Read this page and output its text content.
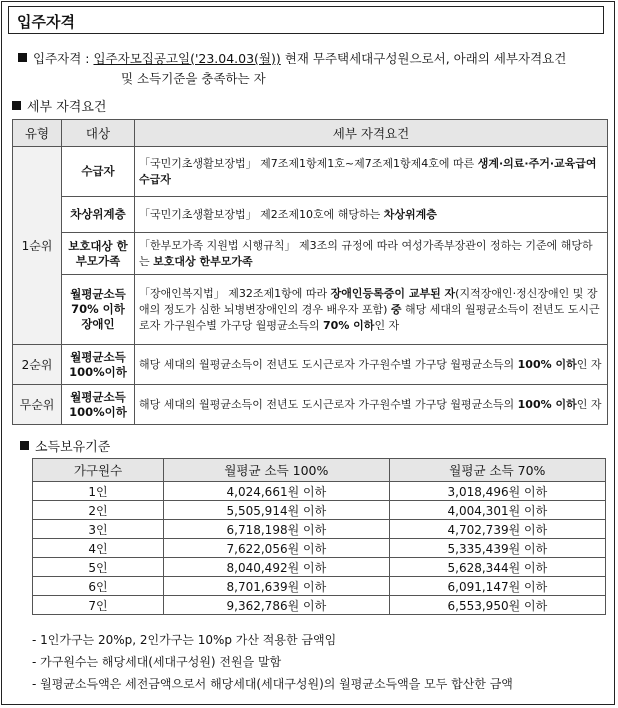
입주자격
입주자격 : 입주자모집공고일('23.04.03(월)) 현재 무주택세대구성원으로서, 아래의 세부자격요건
및 소득기준을 충족하는 자
세부 자격요건
유형	대상	세부 자격요건
1순위	수급자	「국민기초생활보장법」 제7조제1항제1호~제7조제1항제4호에 따른 생계·의료·주거·교육급여 수급자
	차상위계층	「국민기초생활보장법」 제2조제10호에 해당하는 차상위계층
	보호대상 한부모가족	「한부모가족 지원법 시행규칙」 제3조의 규정에 따라 여성가족부장관이 정하는 기준에 해당하는 보호대상 한부모가족
	월평균소득 70% 이하 장애인	「장애인복지법」 제32조제1항에 따라 장애인등록증이 교부된 자(지적장애인·정신장애인 및 장애의 정도가 심한 뇌병변장애인의 경우 배우자 포함) 중 해당 세대의 월평균소득이 전년도 도시근로자 가구원수별 가구당 월평균소득의 70% 이하인 자
2순위	월평균소득 100%이하	해당 세대의 월평균소득이 전년도 도시근로자 가구원수별 가구당 월평균소득의 100% 이하인 자
무순위	월평균소득 100%이하	해당 세대의 월평균소득이 전년도 도시근로자 가구원수별 가구당 월평균소득의 100% 이하인 자
소득보유기준
가구원수	월평균 소득 100%	월평균 소득 70%
1인	4,024,661원 이하	3,018,496원 이하
2인	5,505,914원 이하	4,004,301원 이하
3인	6,718,198원 이하	4,702,739원 이하
4인	7,622,056원 이하	5,335,439원 이하
5인	8,040,492원 이하	5,628,344원 이하
6인	8,701,639원 이하	6,091,147원 이하
7인	9,362,786원 이하	6,553,950원 이하
- 1인가구는 20%p, 2인가구는 10%p 가산 적용한 금액임
- 가구원수는 해당세대(세대구성원) 전원을 말함
- 월평균소득액은 세전금액으로서 해당세대(세대구성원)의 월평균소득액을 모두 합산한 금액
